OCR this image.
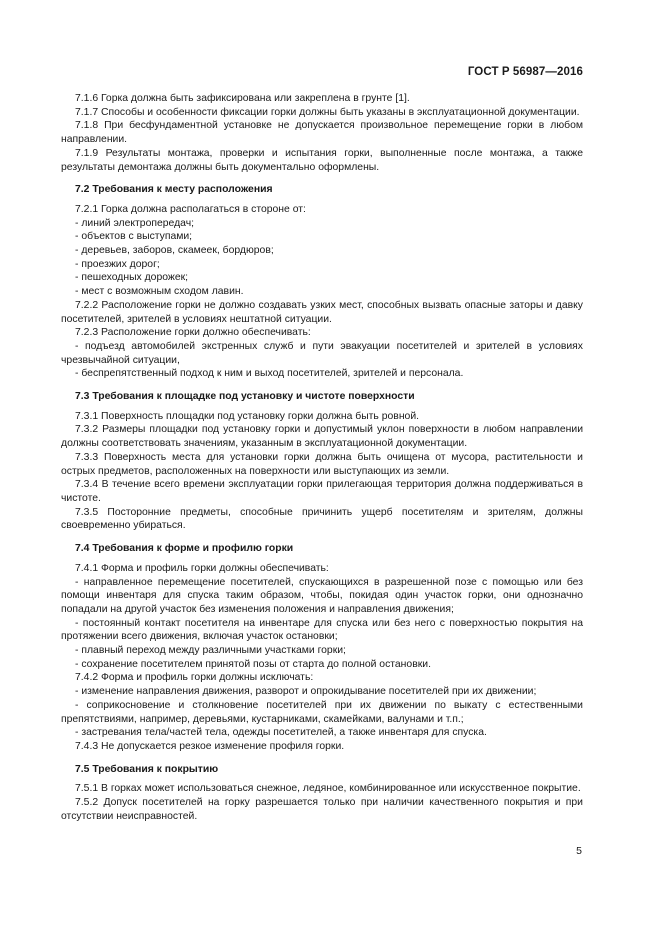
ГОСТ Р 56987—2016

7.1.6 Горка должна быть зафиксирована или закреплена в грунте [1].

7.1.7 Способы и особенности фиксации горки должны быть указаны в эксплуатационной документации.

7.1.8 При бесфундаментной установке не допускается произвольное перемещение горки в любом направлении.

7.1.9 Результаты монтажа, проверки и испытания горки, выполненные после монтажа, а также результаты демонтажа должны быть документально оформлены.

7.2 Требования к месту расположения

7.2.1 Горка должна располагаться в стороне от:

- линий электропередач;

- объектов с выступами;

- деревьев, заборов, скамеек, бордюров;

- проезжих дорог;

- пешеходных дорожек;

- мест с возможным сходом лавин.

7.2.2 Расположение горки не должно создавать узких мест, способных вызвать опасные заторы и давку посетителей, зрителей в условиях нештатной ситуации.

7.2.3 Расположение горки должно обеспечивать:

- подъезд автомобилей экстренных служб и пути эвакуации посетителей и зрителей в условиях чрезвычайной ситуации,

- беспрепятственный подход к ним и выход посетителей, зрителей и персонала.

7.3 Требования к площадке под установку и чистоте поверхности

7.3.1 Поверхность площадки под установку горки должна быть ровной.

7.3.2 Размеры площадки под установку горки и допустимый уклон поверхности в любом направлении должны соответствовать значениям, указанным в эксплуатационной документации.

7.3.3 Поверхность места для установки горки должна быть очищена от мусора, растительности и острых предметов, расположенных на поверхности или выступающих из земли.

7.3.4 В течение всего времени эксплуатации горки прилегающая территория должна поддерживаться в чистоте.

7.3.5 Посторонние предметы, способные причинить ущерб посетителям и зрителям, должны своевременно убираться.

7.4 Требования к форме и профилю горки

7.4.1 Форма и профиль горки должны обеспечивать:

- направленное перемещение посетителей, спускающихся в разрешенной позе с помощью или без помощи инвентаря для спуска таким образом, чтобы, покидая один участок горки, они однозначно попадали на другой участок без изменения положения и направления движения;

- постоянный контакт посетителя на инвентаре для спуска или без него с поверхностью покрытия на протяжении всего движения, включая участок остановки;

- плавный переход между различными участками горки;

- сохранение посетителем принятой позы от старта до полной остановки.

7.4.2 Форма и профиль горки должны исключать:

- изменение направления движения, разворот и опрокидывание посетителей при их движении;

- соприкосновение и столкновение посетителей при их движении по выкату с естественными препятствиями, например, деревьями, кустарниками, скамейками, валунами и т.п.;

- застревания тела/частей тела, одежды посетителей, а также инвентаря для спуска.

7.4.3 Не допускается резкое изменение профиля горки.

7.5 Требования к покрытию

7.5.1 В горках может использоваться снежное, ледяное, комбинированное или искусственное покрытие.

7.5.2 Допуск посетителей на горку разрешается только при наличии качественного покрытия и при отсутствии неисправностей.

5
